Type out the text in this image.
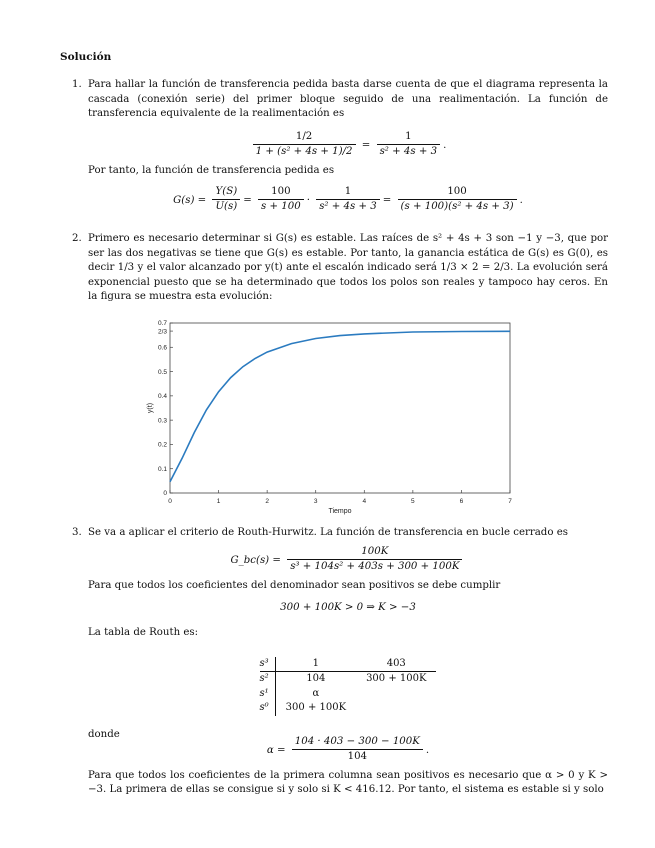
Solución
1. Para hallar la función de transferencia pedida basta darse cuenta de que el diagrama representa la cascada (conexión serie) del primer bloque seguido de una realimentación. La función de transferencia equivalente de la realimentación es
$\frac{1/2}{\text{1 + (s² + 4s + 1)/2}} = \frac{1}{\text{s² + 4s + 3}}$ .
Por tanto, la función de transferencia pedida es
$G(s) = \frac{Y(S)}{U(s)} = \frac{100}{s + 100} \cdot \frac{1}{\text{s² + 4s + 3}} = \frac{100}{\text{(s + 100)(s² + 4s + 3)}}$ .
2. Primero es necesario determinar si G(s) es estable. Las raíces de s² + 4s + 3 son −1 y −3, que por ser las dos negativas se tiene que G(s) es estable. Por tanto, la ganancia estática de G(s) es G(0), es decir 1/3 y el valor alcanzado por y(t) ante el escalón indicado será 1/3 × 2 = 2/3. La evolución será exponencial puesto que se ha determinado que todos los polos son reales y tampoco hay ceros. En la figura se muestra esta evolución:
0	1	2	3	4	5	6	7
0
0.1
0.2
0.3
0.4
0.5
0.6
2/3
0.7
Tiempo
y(t)
3. Se va a aplicar el criterio de Routh-Hurwitz. La función de transferencia en bucle cerrado es
G_bc(s) = $\frac{100K}{\text{s³ + 104s² + 403s + 300 + 100K}}$
Para que todos los coeficientes del denominador sean positivos se debe cumplir
300 + 100K > 0 ⇒ K > −3
La tabla de Routh es:
s³	1	403
s²	104	300 + 100K
s¹	α	
s⁰	300 + 100K	
donde
$\alpha = \frac{104 \cdot 403 - 300 - 100K}{104}$ .
Para que todos los coeficientes de la primera columna sean positivos es necesario que α > 0 y K > −3. La primera de ellas se consigue si y solo si K < 416.12. Por tanto, el sistema es estable si y solo
